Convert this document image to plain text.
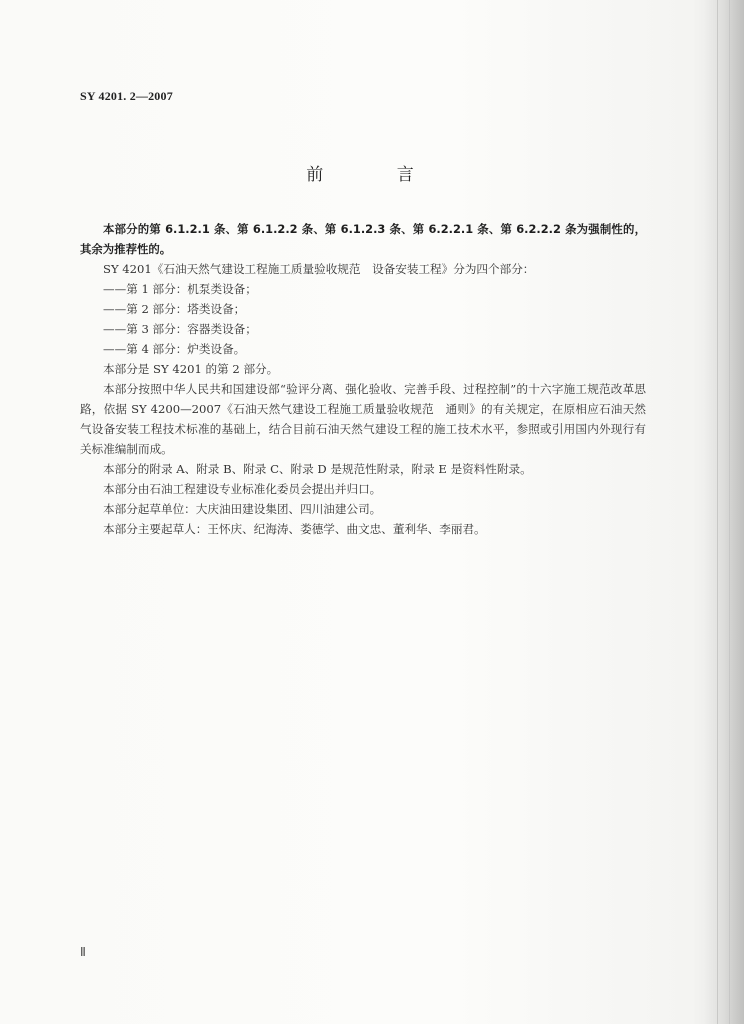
SY 4201. 2—2007
前 言

本部分的第 6.1.2.1 条、第 6.1.2.2 条、第 6.1.2.3 条、第 6.2.2.1 条、第 6.2.2.2 条为强制性的，其余为推荐性的。

SY 4201《石油天然气建设工程施工质量验收规范　设备安装工程》分为四个部分：

——第 1 部分：机泵类设备；

——第 2 部分：塔类设备；

——第 3 部分：容器类设备；

——第 4 部分：炉类设备。

本部分是 SY 4201 的第 2 部分。

本部分按照中华人民共和国建设部“验评分离、强化验收、完善手段、过程控制”的十六字施工规范改革思路，依据 SY 4200—2007《石油天然气建设工程施工质量验收规范　通则》的有关规定，在原相应石油天然气设备安装工程技术标准的基础上，结合目前石油天然气建设工程的施工技术水平，参照或引用国内外现行有关标准编制而成。

本部分的附录 A、附录 B、附录 C、附录 D 是规范性附录，附录 E 是资料性附录。

本部分由石油工程建设专业标准化委员会提出并归口。

本部分起草单位：大庆油田建设集团、四川油建公司。

本部分主要起草人：王怀庆、纪海涛、娄德学、曲文忠、董利华、李丽君。

Ⅱ
